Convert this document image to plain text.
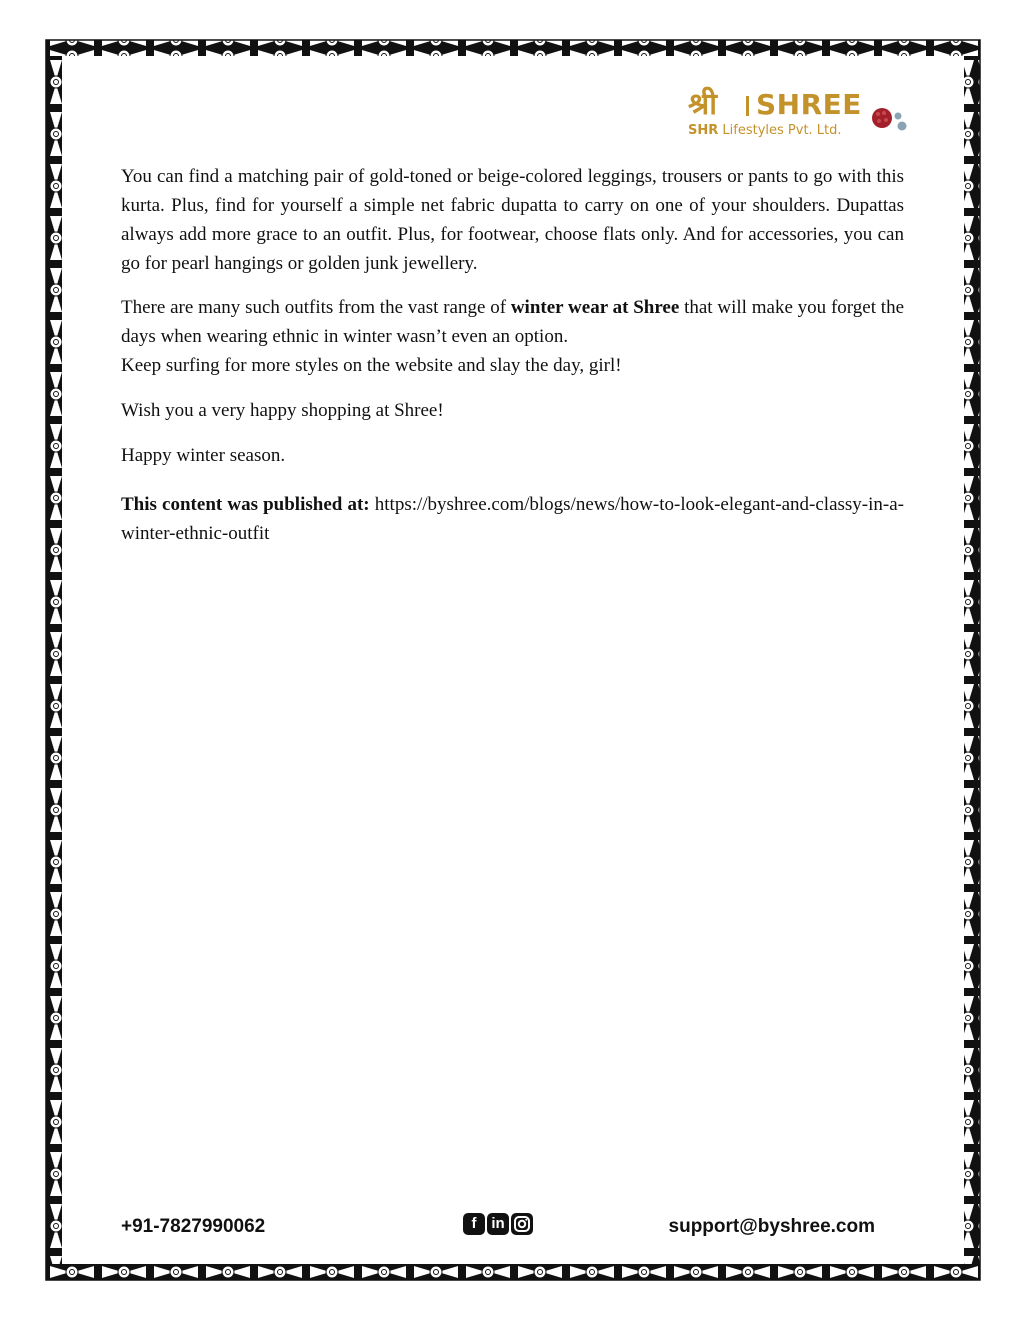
श्री SHREE
SHR Lifestyles Pvt. Ltd.

You can find a matching pair of gold-toned or beige-colored leggings, trousers or pants to go with this kurta. Plus, find for yourself a simple net fabric dupatta to carry on one of your shoulders. Dupattas always add more grace to an outfit. Plus, for footwear, choose flats only. And for accessories, you can go for pearl hangings or golden junk jewellery.

There are many such outfits from the vast range of winter wear at Shree that will make you forget the days when wearing ethnic in winter wasn’t even an option.
Keep surfing for more styles on the website and slay the day, girl!

Wish you a very happy shopping at Shree!

Happy winter season.

This content was published at: https://byshree.com/blogs/news/how-to-look-elegant-and-classy-in-a-winter-ethnic-outfit

+91-7827990062	f in	support@byshree.com
